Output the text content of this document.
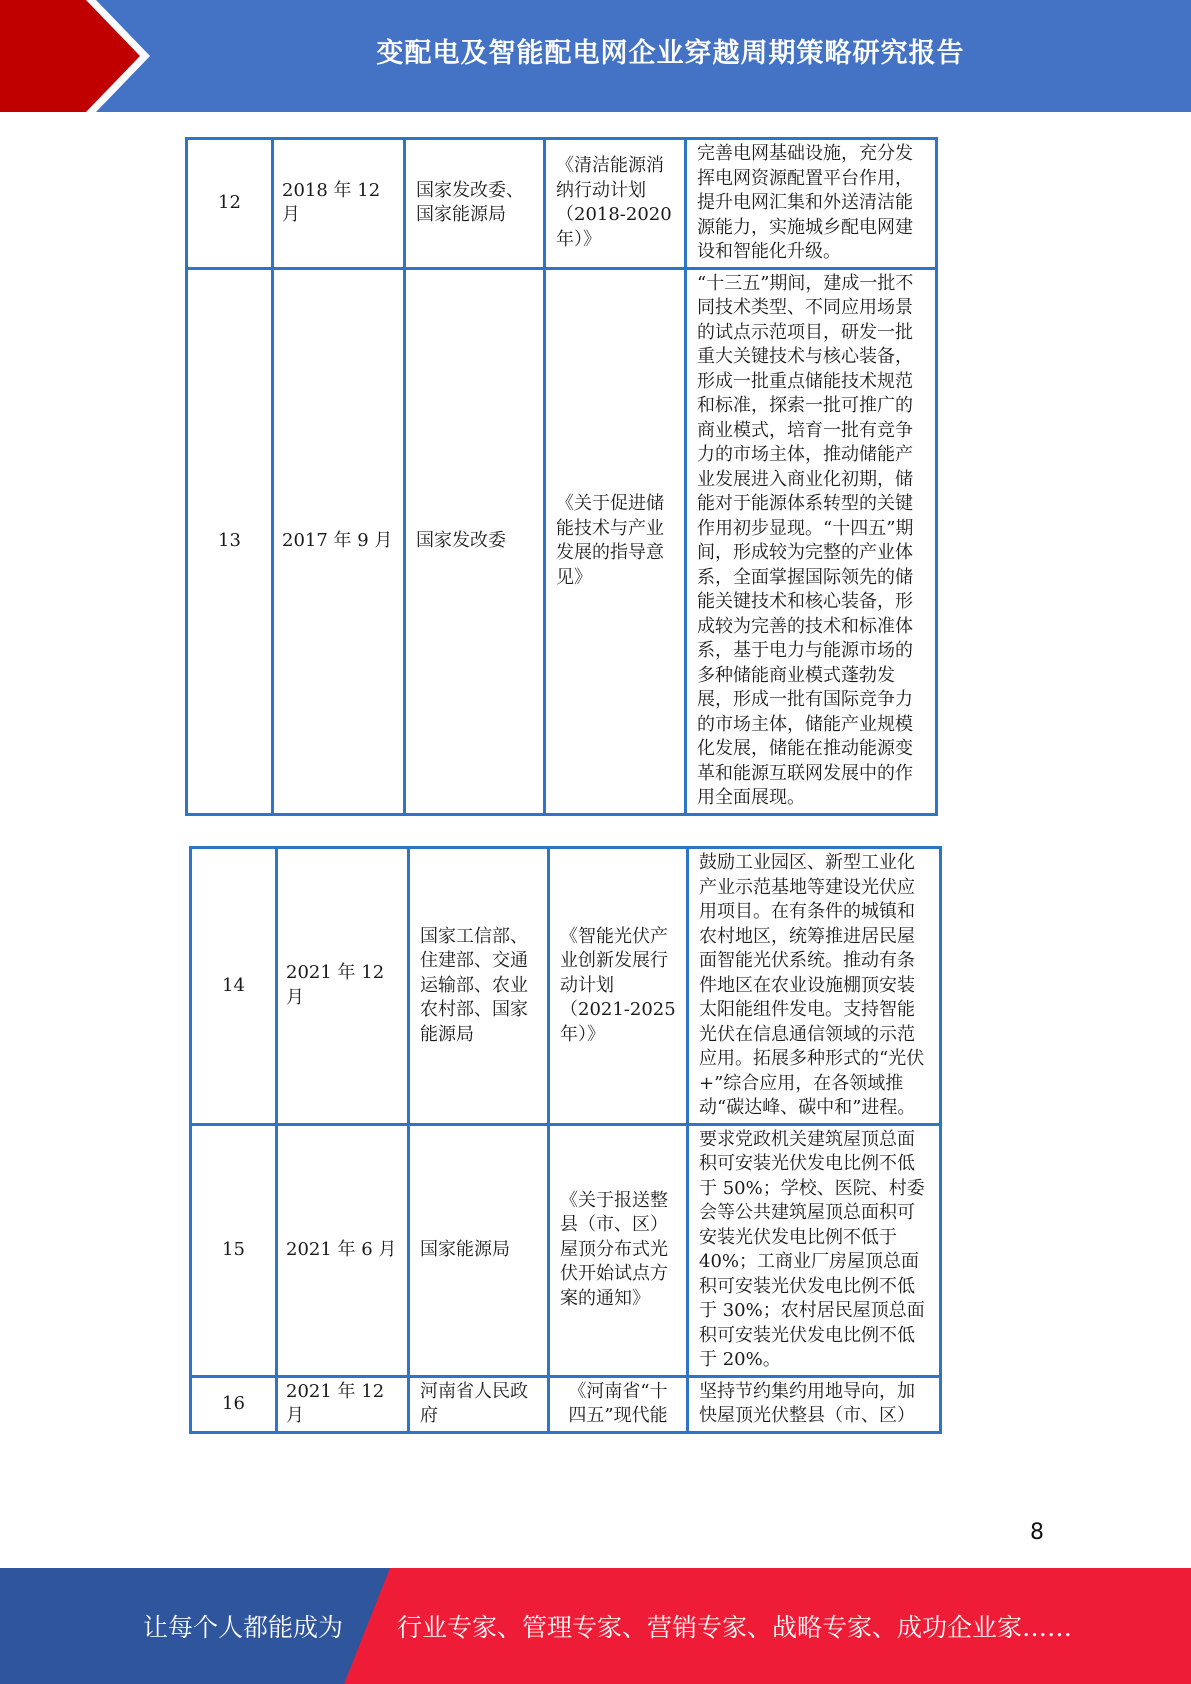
变配电及智能配电网企业穿越周期策略研究报告
12	2018 年 12 月	国家发改委、国家能源局	《清洁能源消纳行动计划（2018-2020年）》	完善电网基础设施，充分发挥电网资源配置平台作用，提升电网汇集和外送清洁能源能力，实施城乡配电网建设和智能化升级。
13	2017 年 9 月	国家发改委	《关于促进储能技术与产业发展的指导意见》	“十三五”期间，建成一批不同技术类型、不同应用场景的试点示范项目，研发一批重大关键技术与核心装备，形成一批重点储能技术规范和标准，探索一批可推广的商业模式，培育一批有竞争力的市场主体，推动储能产业发展进入商业化初期，储能对于能源体系转型的关键作用初步显现。“十四五”期间，形成较为完整的产业体系，全面掌握国际领先的储能关键技术和核心装备，形成较为完善的技术和标准体系，基于电力与能源市场的多种储能商业模式蓬勃发展，形成一批有国际竞争力的市场主体，储能产业规模化发展，储能在推动能源变革和能源互联网发展中的作用全面展现。
14	2021 年 12 月	国家工信部、住建部、交通运输部、农业农村部、国家能源局	《智能光伏产业创新发展行动计划（2021-2025 年）》	鼓励工业园区、新型工业化产业示范基地等建设光伏应用项目。在有条件的城镇和农村地区，统筹推进居民屋面智能光伏系统。推动有条件地区在农业设施棚顶安装太阳能组件发电。支持智能光伏在信息通信领域的示范应用。拓展多种形式的“光伏+”综合应用，在各领域推动“碳达峰、碳中和”进程。
15	2021 年 6 月	国家能源局	《关于报送整县（市、区）屋顶分布式光伏开始试点方案的通知》	要求党政机关建筑屋顶总面积可安装光伏发电比例不低于 50%；学校、医院、村委会等公共建筑屋顶总面积可安装光伏发电比例不低于 40%；工商业厂房屋顶总面积可安装光伏发电比例不低于 30%；农村居民屋顶总面积可安装光伏发电比例不低于 20%。
16	2021 年 12 月	河南省人民政府	《河南省“十四五”现代能	坚持节约集约用地导向，加快屋顶光伏整县（市、区）
8
让每个人都能成为 行业专家、管理专家、营销专家、战略专家、成功企业家……
